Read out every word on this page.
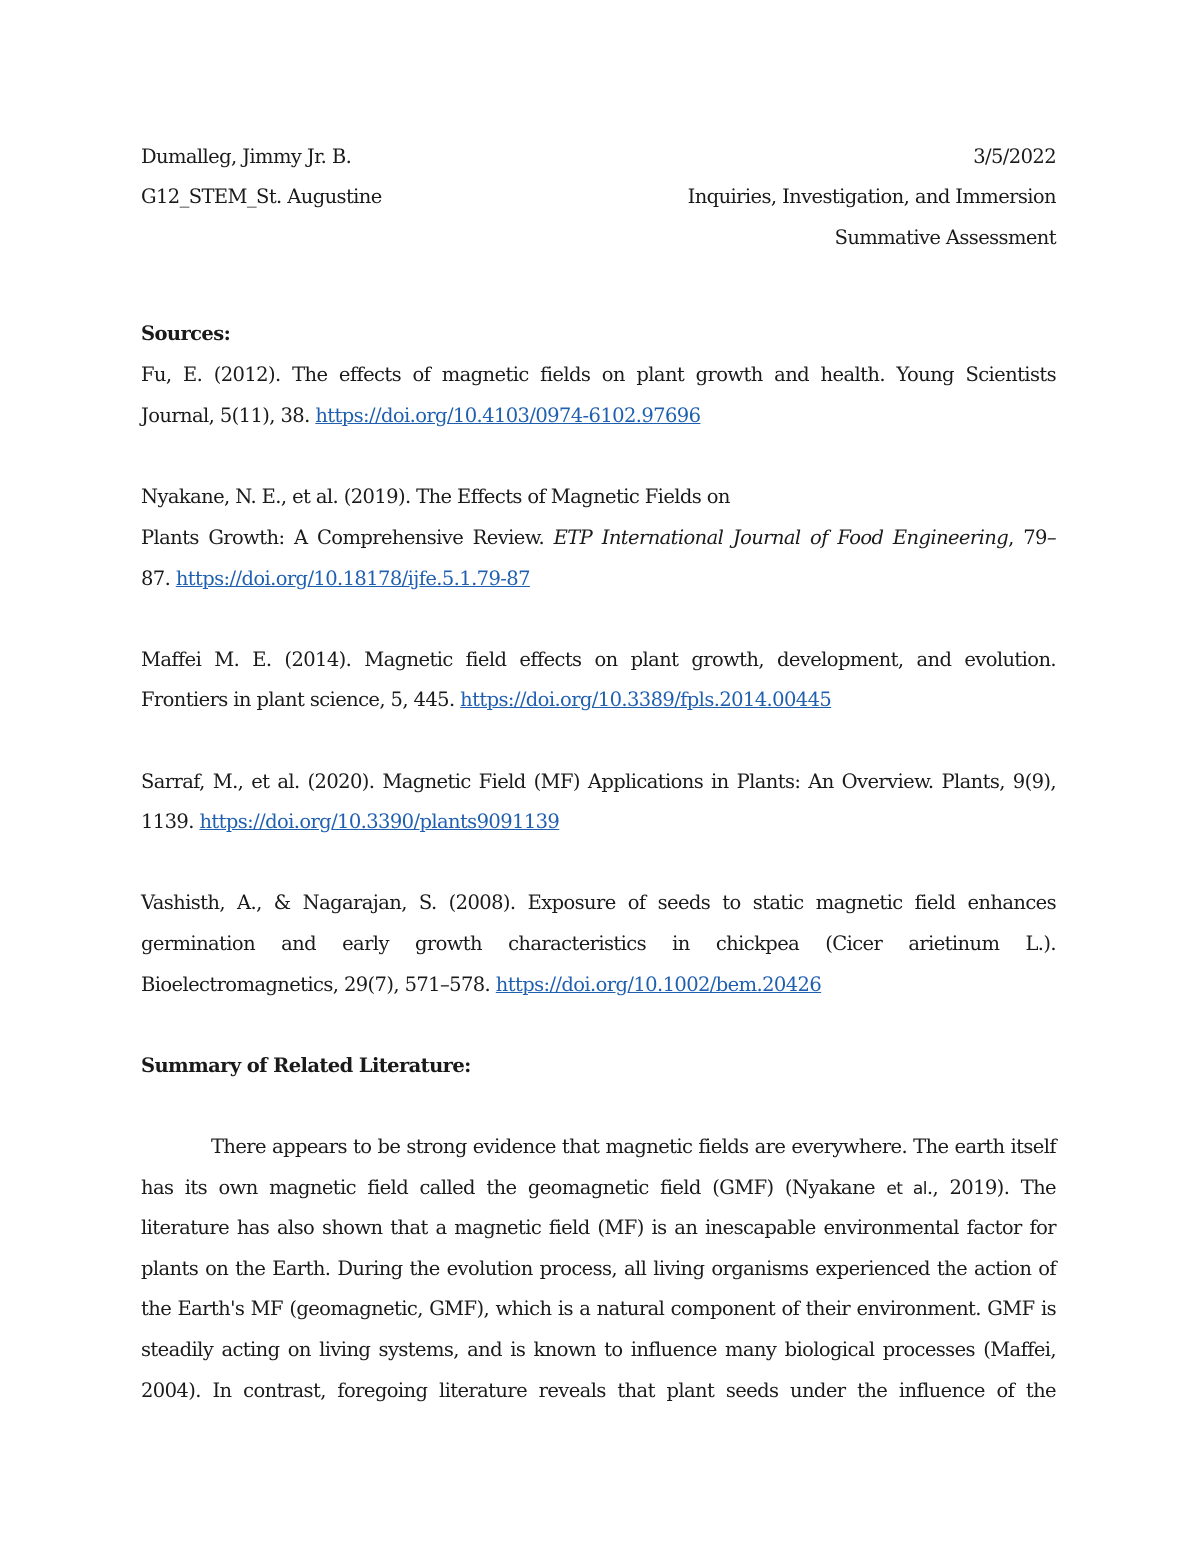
Dumalleg, Jimmy Jr. B.	3/5/2022
G12_STEM_St. Augustine	Inquiries, Investigation, and Immersion
Summative Assessment
Sources:
Fu, E. (2012). The effects of magnetic fields on plant growth and health. Young Scientists
Journal, 5(11), 38. https://doi.org/10.4103/0974-6102.97696
Nyakane, N. E., et al. (2019). The Effects of Magnetic Fields on
Plants Growth: A Comprehensive Review. ETP International Journal of Food Engineering, 79–
87. https://doi.org/10.18178/ijfe.5.1.79-87
Maffei M. E. (2014). Magnetic field effects on plant growth, development, and evolution.
Frontiers in plant science, 5, 445. https://doi.org/10.3389/fpls.2014.00445
Sarraf, M., et al. (2020). Magnetic Field (MF) Applications in Plants: An Overview. Plants, 9(9),
1139. https://doi.org/10.3390/plants9091139
Vashisth, A., & Nagarajan, S. (2008). Exposure of seeds to static magnetic field enhances
germination and early growth characteristics in chickpea (Cicer arietinum L.).
Bioelectromagnetics, 29(7), 571–578. https://doi.org/10.1002/bem.20426
Summary of Related Literature:
There appears to be strong evidence that magnetic fields are everywhere. The earth itself
has its own magnetic field called the geomagnetic field (GMF) (Nyakane et al., 2019). The
literature has also shown that a magnetic field (MF) is an inescapable environmental factor for
plants on the Earth. During the evolution process, all living organisms experienced the action of
the Earth's MF (geomagnetic, GMF), which is a natural component of their environment. GMF is
steadily acting on living systems, and is known to influence many biological processes (Maffei,
2004). In contrast, foregoing literature reveals that plant seeds under the influence of the
